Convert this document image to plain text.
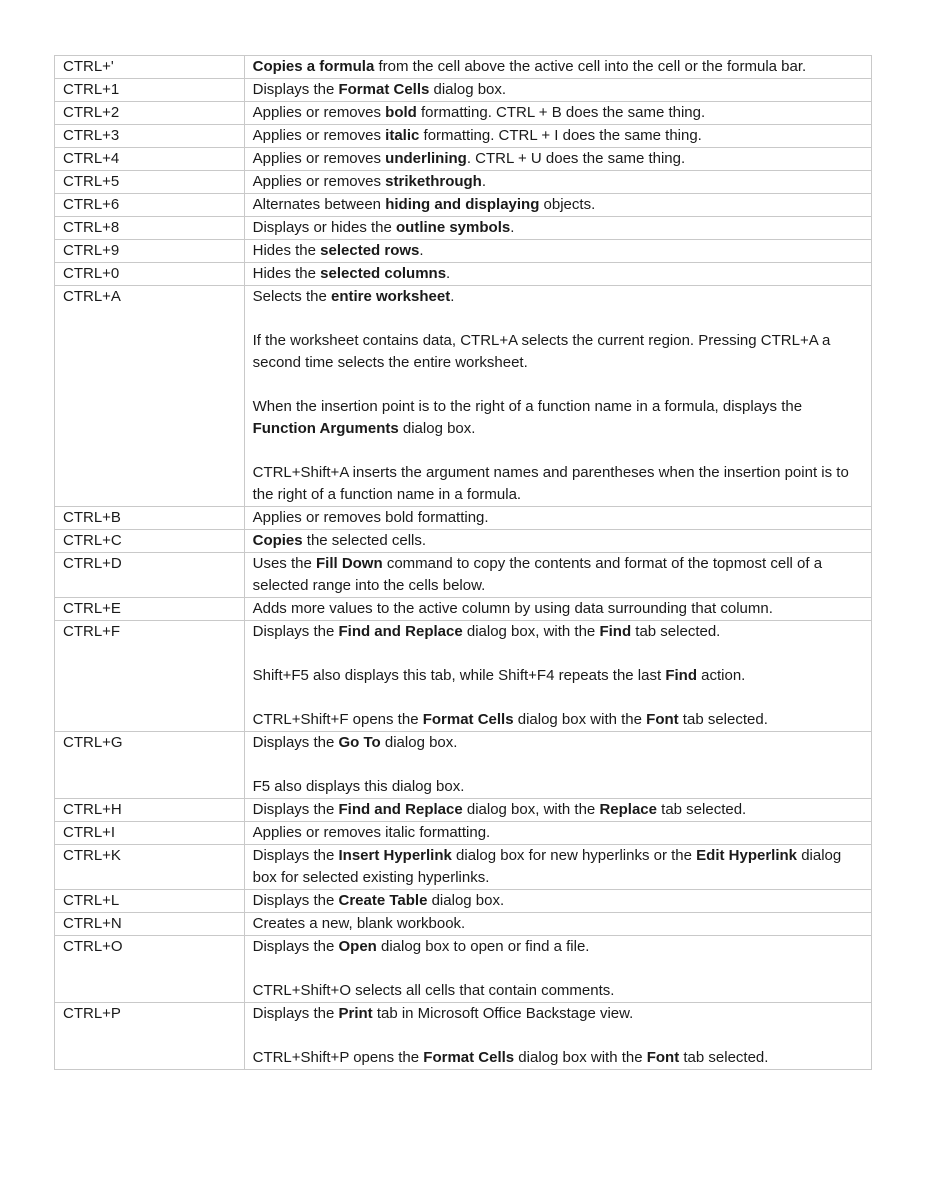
CTRL+'	Copies a formula from the cell above the active cell into the cell or the formula bar.

CTRL+1	Displays the Format Cells dialog box.

CTRL+2	Applies or removes bold formatting. CTRL + B does the same thing.

CTRL+3	Applies or removes italic formatting. CTRL + I does the same thing.

CTRL+4	Applies or removes underlining. CTRL + U does the same thing.

CTRL+5	Applies or removes strikethrough.

CTRL+6	Alternates between hiding and displaying objects.

CTRL+8	Displays or hides the outline symbols.

CTRL+9	Hides the selected rows.

CTRL+0	Hides the selected columns.

CTRL+A	Selects the entire worksheet.
If the worksheet contains data, CTRL+A selects the current region. Pressing CTRL+A a second time selects the entire worksheet.
When the insertion point is to the right of a function name in a formula, displays the Function Arguments dialog box.
CTRL+Shift+A inserts the argument names and parentheses when the insertion point is to the right of a function name in a formula.

CTRL+B	Applies or removes bold formatting.

CTRL+C	Copies the selected cells.

CTRL+D	Uses the Fill Down command to copy the contents and format of the topmost cell of a selected range into the cells below.

CTRL+E	Adds more values to the active column by using data surrounding that column.

CTRL+F	Displays the Find and Replace dialog box, with the Find tab selected.
Shift+F5 also displays this tab, while Shift+F4 repeats the last Find action.
CTRL+Shift+F opens the Format Cells dialog box with the Font tab selected.

CTRL+G	Displays the Go To dialog box.
F5 also displays this dialog box.

CTRL+H	Displays the Find and Replace dialog box, with the Replace tab selected.

CTRL+I	Applies or removes italic formatting.

CTRL+K	Displays the Insert Hyperlink dialog box for new hyperlinks or the Edit Hyperlink dialog box for selected existing hyperlinks.

CTRL+L	Displays the Create Table dialog box.

CTRL+N	Creates a new, blank workbook.

CTRL+O	Displays the Open dialog box to open or find a file.
CTRL+Shift+O selects all cells that contain comments.

CTRL+P	Displays the Print tab in Microsoft Office Backstage view.
CTRL+Shift+P opens the Format Cells dialog box with the Font tab selected.
